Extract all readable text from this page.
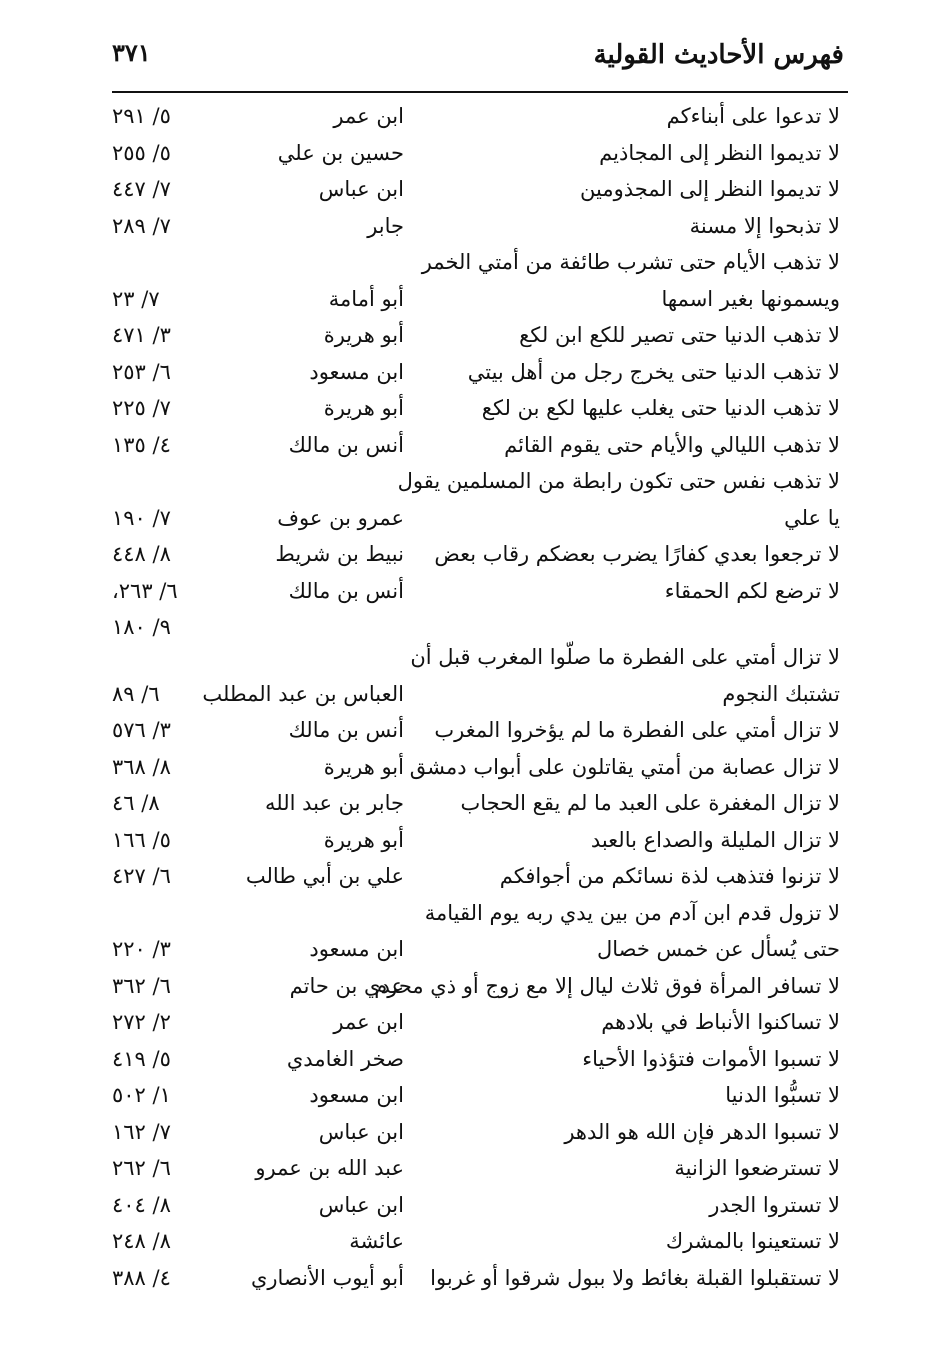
فهرس الأحاديث القولية
٣٧١
لا تدعوا على أبناءكم
ابن عمر
٥/ ٢٩١
لا تديموا النظر إلى المجاذيم
حسين بن علي
٥/ ٢٥٥
لا تديموا النظر إلى المجذومين
ابن عباس
٧/ ٤٤٧
لا تذبحوا إلا مسنة
جابر
٧/ ٢٨٩
لا تذهب الأيام حتى تشرب طائفة من أمتي الخمر
ويسمونها بغير اسمها
أبو أمامة
٧/ ٢٣
لا تذهب الدنيا حتى تصير للكع ابن لكع
أبو هريرة
٣/ ٤٧١
لا تذهب الدنيا حتى يخرج رجل من أهل بيتي
ابن مسعود
٦/ ٢٥٣
لا تذهب الدنيا حتى يغلب عليها لكع بن لكع
أبو هريرة
٧/ ٢٢٥
لا تذهب الليالي والأيام حتى يقوم القائم
أنس بن مالك
٤/ ١٣٥
لا تذهب نفس حتى تكون رابطة من المسلمين يقول
يا علي
عمرو بن عوف
٧/ ١٩٠
لا ترجعوا بعدي كفارًا يضرب بعضكم رقاب بعض
نبيط بن شريط
٨/ ٤٤٨
لا ترضع لكم الحمقاء
أنس بن مالك
٦/ ٢٦٣،
٩/ ١٨٠
لا تزال أمتي على الفطرة ما صلّوا المغرب قبل أن
تشتبك النجوم
العباس بن عبد المطلب
٦/ ٨٩
لا تزال أمتي على الفطرة ما لم يؤخروا المغرب
أنس بن مالك
٣/ ٥٧٦
لا تزال عصابة من أمتي يقاتلون على أبواب دمشق
أبو هريرة
٨/ ٣٦٨
لا تزال المغفرة على العبد ما لم يقع الحجاب
جابر بن عبد الله
٨/ ٤٦
لا تزال المليلة والصداع بالعبد
أبو هريرة
٥/ ١٦٦
لا تزنوا فتذهب لذة نسائكم من أجوافكم
علي بن أبي طالب
٦/ ٤٢٧
لا تزول قدم ابن آدم من بين يدي ربه يوم القيامة
حتى يُسأل عن خمس خصال
ابن مسعود
٣/ ٢٢٠
لا تسافر المرأة فوق ثلاث ليال إلا مع زوج أو ذي محرم
عدي بن حاتم
٦/ ٣٦٢
لا تساكنوا الأنباط في بلادهم
ابن عمر
٢/ ٢٧٢
لا تسبوا الأموات فتؤذوا الأحياء
صخر الغامدي
٥/ ٤١٩
لا تسبُّوا الدنيا
ابن مسعود
١/ ٥٠٢
لا تسبوا الدهر فإن الله هو الدهر
ابن عباس
٧/ ١٦٢
لا تسترضعوا الزانية
عبد الله بن عمرو
٦/ ٢٦٢
لا تستروا الجدر
ابن عباس
٨/ ٤٠٤
لا تستعينوا بالمشرك
عائشة
٨/ ٢٤٨
لا تستقبلوا القبلة بغائط ولا ببول شرقوا أو غربوا
أبو أيوب الأنصاري
٤/ ٣٨٨
